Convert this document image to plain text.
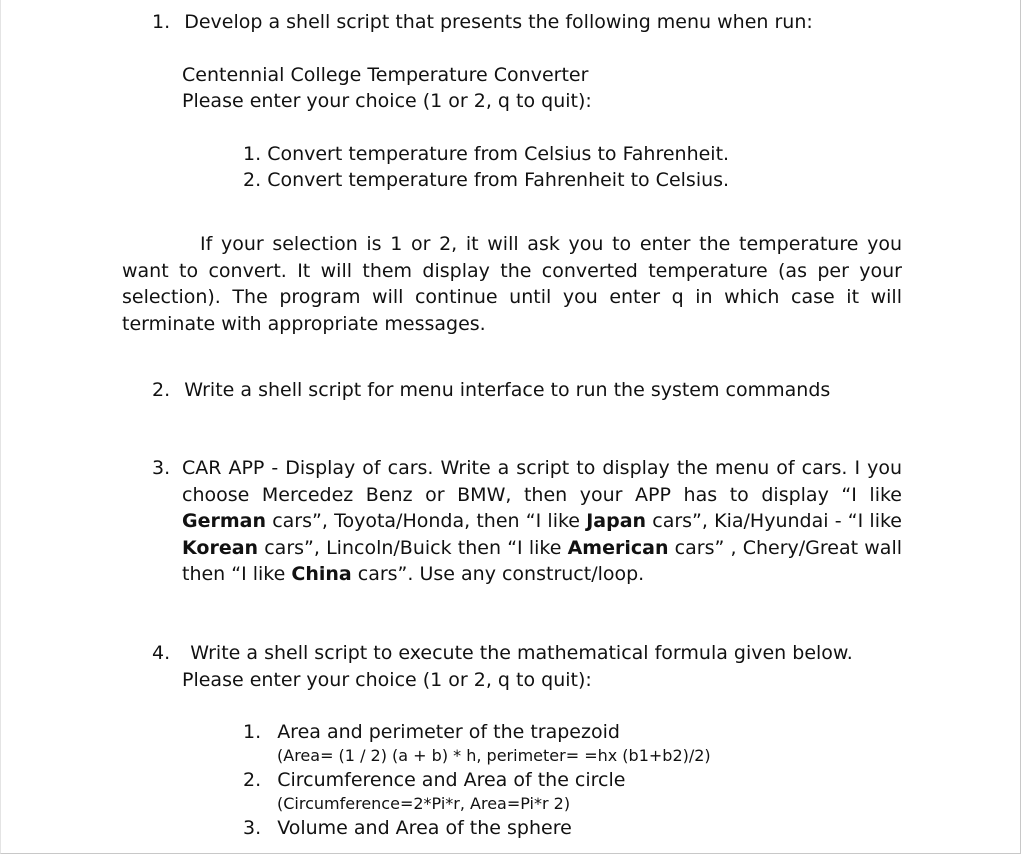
1. Develop a shell script that presents the following menu when run:
Centennial College Temperature Converter
Please enter your choice (1 or 2, q to quit):
1. Convert temperature from Celsius to Fahrenheit.
2. Convert temperature from Fahrenheit to Celsius.
If your selection is 1 or 2, it will ask you to enter the temperature you want to convert. It will them display the converted temperature (as per your selection). The program will continue until you enter q in which case it will terminate with appropriate messages.
2. Write a shell script for menu interface to run the system commands
3. CAR APP - Display of cars. Write a script to display the menu of cars. I you choose Mercedez Benz or BMW, then your APP has to display “I like German cars”, Toyota/Honda, then “I like Japan cars”, Kia/Hyundai - “I like Korean cars”, Lincoln/Buick then “I like American cars” , Chery/Great wall then “I like China cars”. Use any construct/loop.
4. Write a shell script to execute the mathematical formula given below.
Please enter your choice (1 or 2, q to quit):
1. Area and perimeter of the trapezoid
(Area= (1 / 2) (a + b) * h, perimeter= =hx (b1+b2)/2)
2. Circumference and Area of the circle
(Circumference=2*Pi*r, Area=Pi*r 2)
3. Volume and Area of the sphere
